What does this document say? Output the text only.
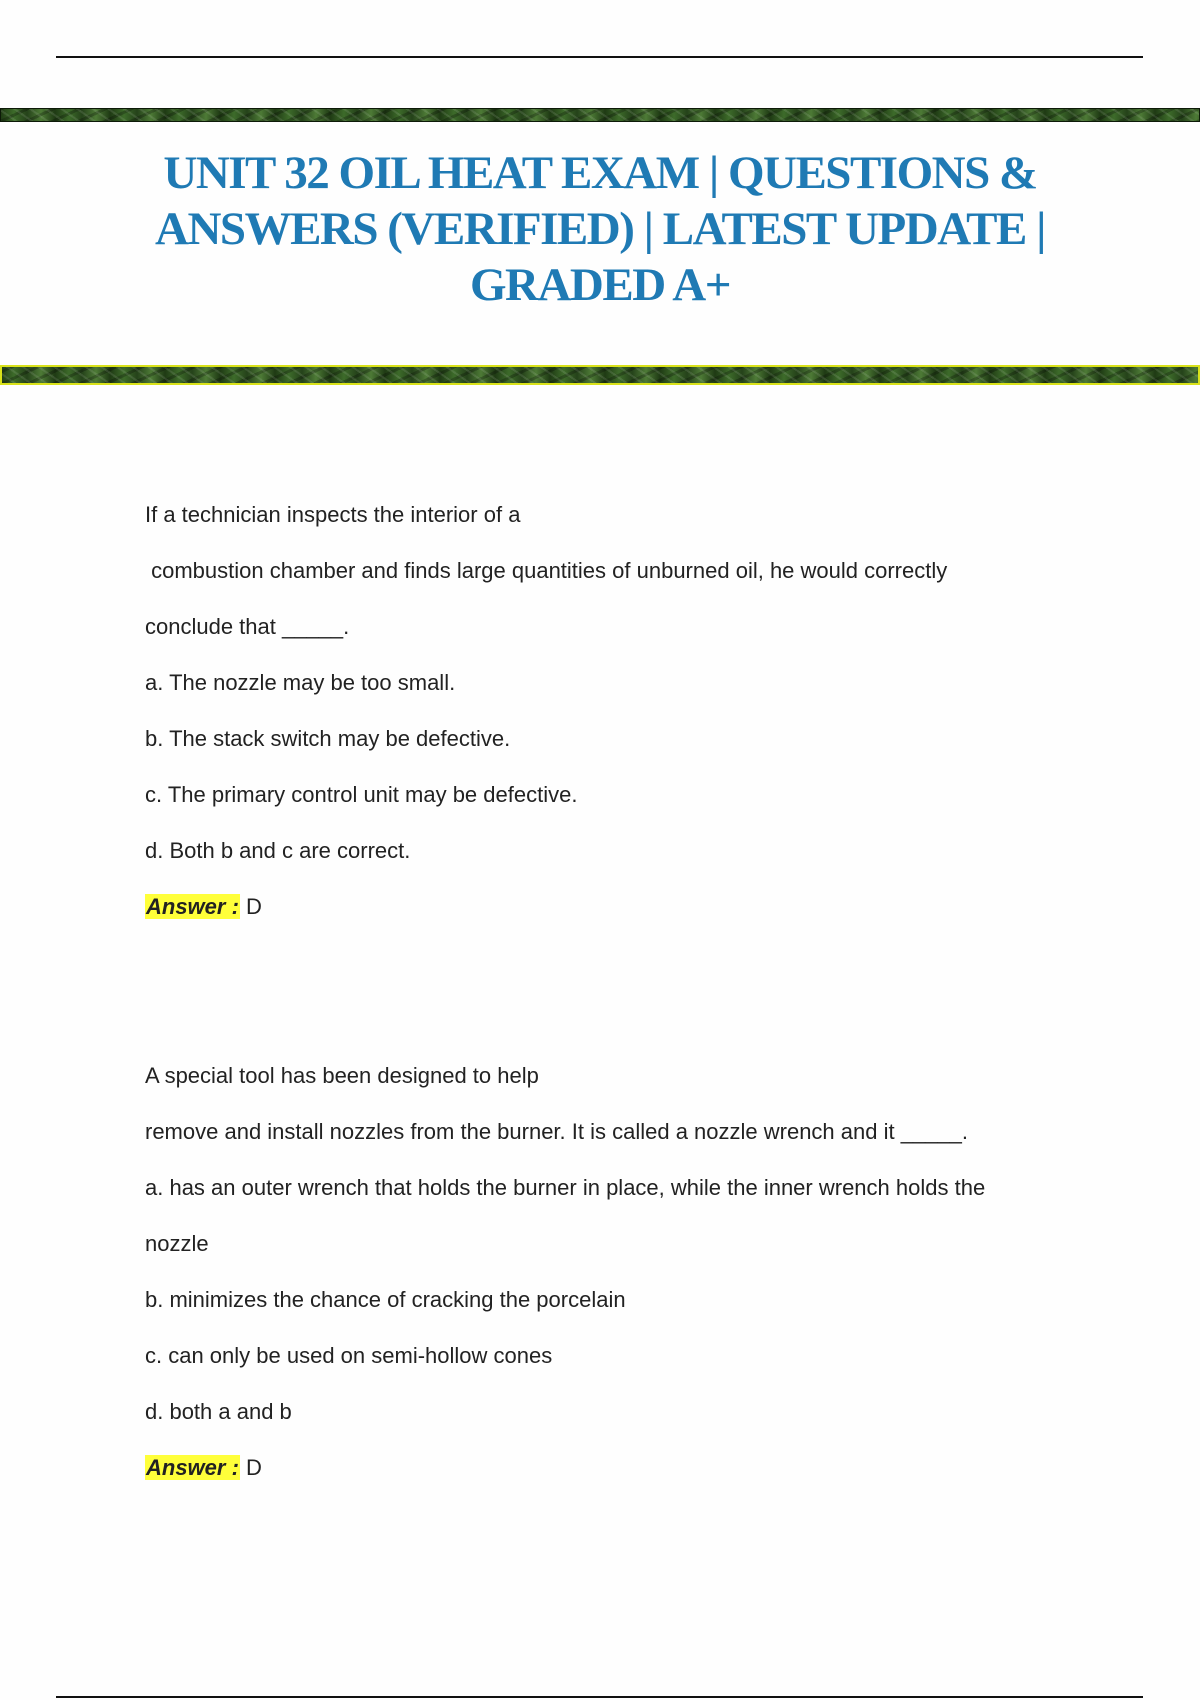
UNIT 32 OIL HEAT EXAM | QUESTIONS & ANSWERS (VERIFIED) | LATEST UPDATE | GRADED A+
If a technician inspects the interior of a
combustion chamber and finds large quantities of unburned oil, he would correctly
conclude that _____.
a. The nozzle may be too small.
b. The stack switch may be defective.
c. The primary control unit may be defective.
d. Both b and c are correct.
Answer : D
A special tool has been designed to help
remove and install nozzles from the burner. It is called a nozzle wrench and it _____.
a. has an outer wrench that holds the burner in place, while the inner wrench holds the
nozzle
b. minimizes the chance of cracking the porcelain
c. can only be used on semi-hollow cones
d. both a and b
Answer : D
